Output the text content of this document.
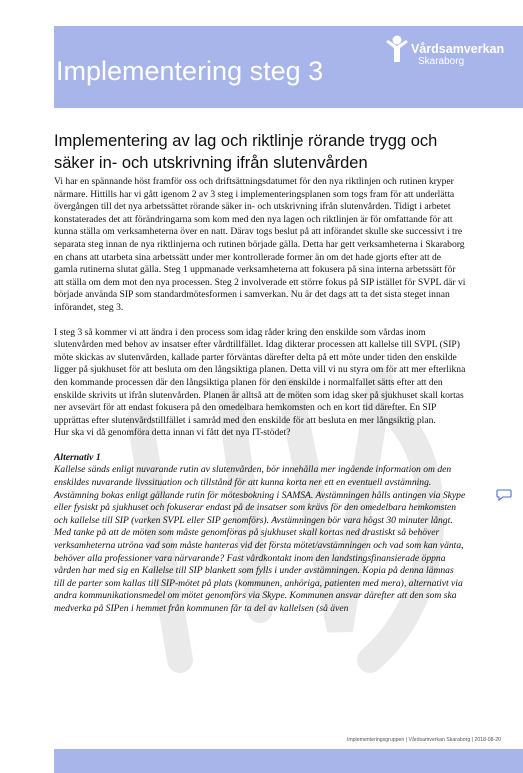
Implementering steg 3
Vårdsamverkan
Skaraborg
Implementering av lag och riktlinje rörande trygg och säker in- och utskrivning ifrån slutenvården

Vi har en spännande höst framför oss och driftsättningsdatumet för den nya riktlinjen och rutinen kryper närmare. Hittills har vi gått igenom 2 av 3 steg i implementeringsplanen som togs fram för att underlätta övergången till det nya arbetssättet rörande säker in- och utskrivning ifrån slutenvården. Tidigt i arbetet konstaterades det att förändringarna som kom med den nya lagen och riktlinjen är för omfattande för att kunna ställa om verksamheterna över en natt. Därav togs beslut på att införandet skulle ske successivt i tre separata steg innan de nya riktlinjerna och rutinen började gälla. Detta har gett verksamheterna i Skaraborg en chans att utarbeta sina arbetssätt under mer kontrollerade former än om det hade gjorts efter att de gamla rutinerna slutat gälla. Steg 1 uppmanade verksamheterna att fokusera på sina interna arbetssätt för att ställa om dem mot den nya processen. Steg 2 involverade ett större fokus på SIP istället för SVPL där vi började använda SIP som standardmötesformen i samverkan. Nu är det dags att ta det sista steget innan införandet, steg 3.

I steg 3 så kommer vi att ändra i den process som idag råder kring den enskilde som vårdas inom slutenvården med behov av insatser efter vårdtillfället. Idag dikterar processen att kallelse till SVPL (SIP) möte skickas av slutenvården, kallade parter förväntas därefter delta på ett möte under tiden den enskilde ligger på sjukhuset för att besluta om den långsiktiga planen. Detta vill vi nu styra om för att mer efterlikna den kommande processen där den långsiktiga planen för den enskilde i normalfallet sätts efter att den enskilde skrivits ut ifrån slutenvården. Planen är alltså att de möten som idag sker på sjukhuset skall kortas ner avsevärt för att endast fokusera på den omedelbara hemkomsten och en kort tid därefter. En SIP upprättas efter slutenvårdstillfället i samråd med den enskilde för att besluta en mer långsiktig plan.

Hur ska vi då genomföra detta innan vi fått det nya IT-stödet?

Alternativ 1

Kallelse sänds enligt nuvarande rutin av slutenvården, bör innehålla mer ingående information om den enskildes nuvarande livssituation och tillstånd för att kunna korta ner ett en eventuell avstämning. Avstämning bokas enligt gällande rutin för mötesbokning i SAMSA. Avstämningen hålls antingen via Skype eller fysiskt på sjukhuset och fokuserar endast på de insatser som krävs för den omedelbara hemkomsten och kallelse till SIP (varken SVPL eller SIP genomförs). Avstämningen bör vara högst 30 minuter långt. Med tanke på att de möten som måste genomföras på sjukhuset skall kortas ned drastiskt så behöver verksamheterna utröna vad som måste hanteras vid det första mötet/avstämningen och vad som kan vänta, behöver alla professioner vara närvarande? Fast vårdkontakt inom den landstingsfinansierade öppna vården har med sig en Kallelse till SIP blankett som fylls i under avstämningen. Kopia på denna lämnas till de parter som kallas till SIP-mötet på plats (kommunen, anhöriga, patienten med mera), alternativt via andra kommunikationsmedel om mötet genomförs via Skype. Kommunen ansvar därefter att den som ska medverka på SIPen i hemmet från kommunen får ta del av kallelsen (så även

Implementeringsgruppen | Vårdsamverkan Skaraborg | 2018-08-20
